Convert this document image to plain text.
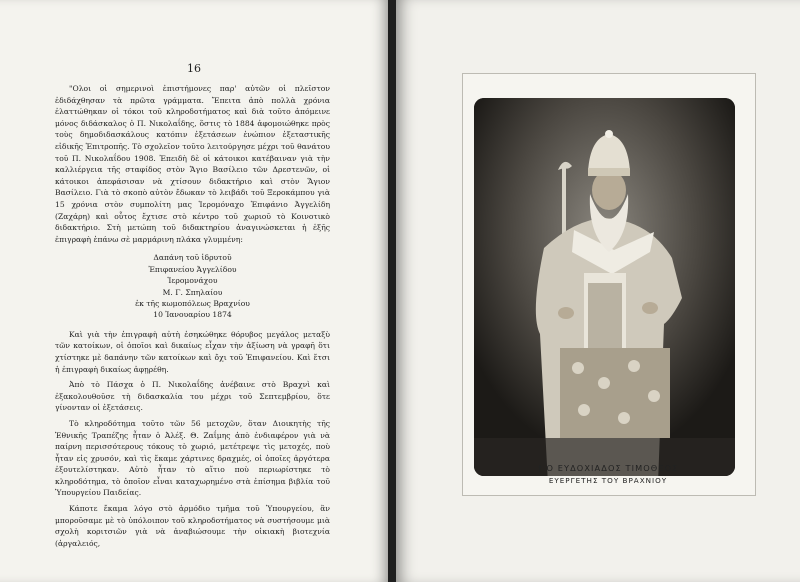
16

"Ολοι οἱ σημερινοὶ ἐπιστήμονες παρ' αὐτῶν οἱ πλεῖστον ἐδιδάχθησαν τὰ πρῶτα γράμματα. Ἔπειτα ἀπὸ πολλὰ χρόνια ἐλαττώθηκαν οἱ τόκοι τοῦ κληροδοτήματος καὶ διὰ τοῦτο ἀπόμεινε μόνος διδάσκαλος ὁ Π. Νικολαΐδης, ὅστις τὸ 1884 ἀφομοιώθηκε πρὸς τοὺς δημοδιδασκάλους κατόπιν ἐξετάσεων ἐνώπιον ἐξεταστικῆς εἰδικῆς Ἐπιτροπῆς. Τὸ σχολεῖον τοῦτο λειτούργησε μέχρι τοῦ θανάτου τοῦ Π. Νικολαΐδου 1908. Ἐπειδὴ δὲ οἱ κάτοικοι κατέβαιναν γιὰ τὴν καλλιέργεια τῆς σταφίδος στὸν Ἅγιο Βασίλειο τῶν Δρεστενῶν, οἱ κάτοικοι ἀπεφάσισαν νὰ χτίσουν διδακτήριο καὶ στὸν Ἅγιον Βασίλειο. Γιὰ τὸ σκοπὸ αὐτὸν ἔδωκαν τὸ λειβάδι τοῦ Ξεροκάμπου γιὰ 15 χρόνια στὸν συμπολίτη μας Ἱερομόναχο Ἐπιφάνιο Ἀγγελίδη (Ζαχάρη) καὶ οὗτος ἔχτισε στὸ κέντρο τοῦ χωριοῦ τὸ Κοινοτικὸ διδακτήριο. Στὴ μετώπη τοῦ διδακτηρίου ἀναγινώσκεται ἡ ἑξῆς ἐπιγραφὴ ἐπάνω σὲ μαρμάρινη πλάκα γλυμμένη:

Δαπάνη τοῦ ἱδρυτοῦ
Ἐπιφανείου Ἀγγελίδου
Ἱερομονάχου
Μ. Γ. Σπηλαίου
ἐκ τῆς κωμοπόλεως Βραχνίου
10 Ἰανουαρίου 1874

Καὶ γιὰ τὴν ἐπιγραφὴ αὐτὴ ἐσηκώθηκε θόρυβος μεγάλος μεταξὺ τῶν κατοίκων, οἱ ὁποῖοι καὶ δικαίως εἶχαν τὴν ἀξίωση νὰ γραφῆ ὅτι χτίστηκε μὲ δαπάνην τῶν κατοίκων καὶ ὄχι τοῦ Ἐπιφανείου. Καὶ ἔτσι ἡ ἐπιγραφὴ δικαίως ἀφῃρέθη.

Ἀπὸ τὸ Πάσχα ὁ Π. Νικολαΐδης ἀνέβαινε στὸ Βραχνὶ καὶ ἐξακολουθοῦσε τὴ διδασκαλία του μέχρι τοῦ Σεπτεμβρίου, ὅτε γίνονταν οἱ ἐξετάσεις.

Τὸ κληροδότημα τοῦτο τῶν 56 μετοχῶν, ὅταν Διοικητὴς τῆς Ἐθνικῆς Τραπέζης ἦταν ὁ Ἀλέξ. Θ. Ζαΐμης ἀπὸ ἐνδιαφέρον γιὰ νὰ παίρνη περισσότερους τόκους τὸ χωριό, μετέτρεψε τὶς μετοχές, ποὺ ἦταν εἰς χρυσόν, καὶ τὶς ἔκαμε χάρτινες δραχμές, οἱ ὁποῖες ἀργότερα ἐξουτελίστηκαν. Αὐτὸ ἦταν τὸ αἴτιο ποὺ περιωρίστηκε τὸ κληροδότημα, τὸ ὁποῖον εἶναι καταχωρημένο στὰ ἐπίσημα βιβλία τοῦ Ὑπουργείου Παιδείας.

Κάποτε ἔκαμα λόγο στὸ ἁρμόδιο τμῆμα τοῦ Ὑπουργείου, ἂν μποροῦσαμε μὲ τὸ ὑπόλοιπον τοῦ κληροδοτήματος νὰ συστήσουμε μιὰ σχολὴ κοριτσιῶν γιὰ νὰ ἀναβιώσουμε τὴν οἰκιακὴ βιοτεχνία (ἀργαλειός,

† Ο ΕΥΔΟΧΙΑΔΟΣ ΤΙΜΟΘΕΟΣ
ΕΥΕΡΓΕΤΗΣ ΤΟΥ ΒΡΑΧΝΙΟΥ
